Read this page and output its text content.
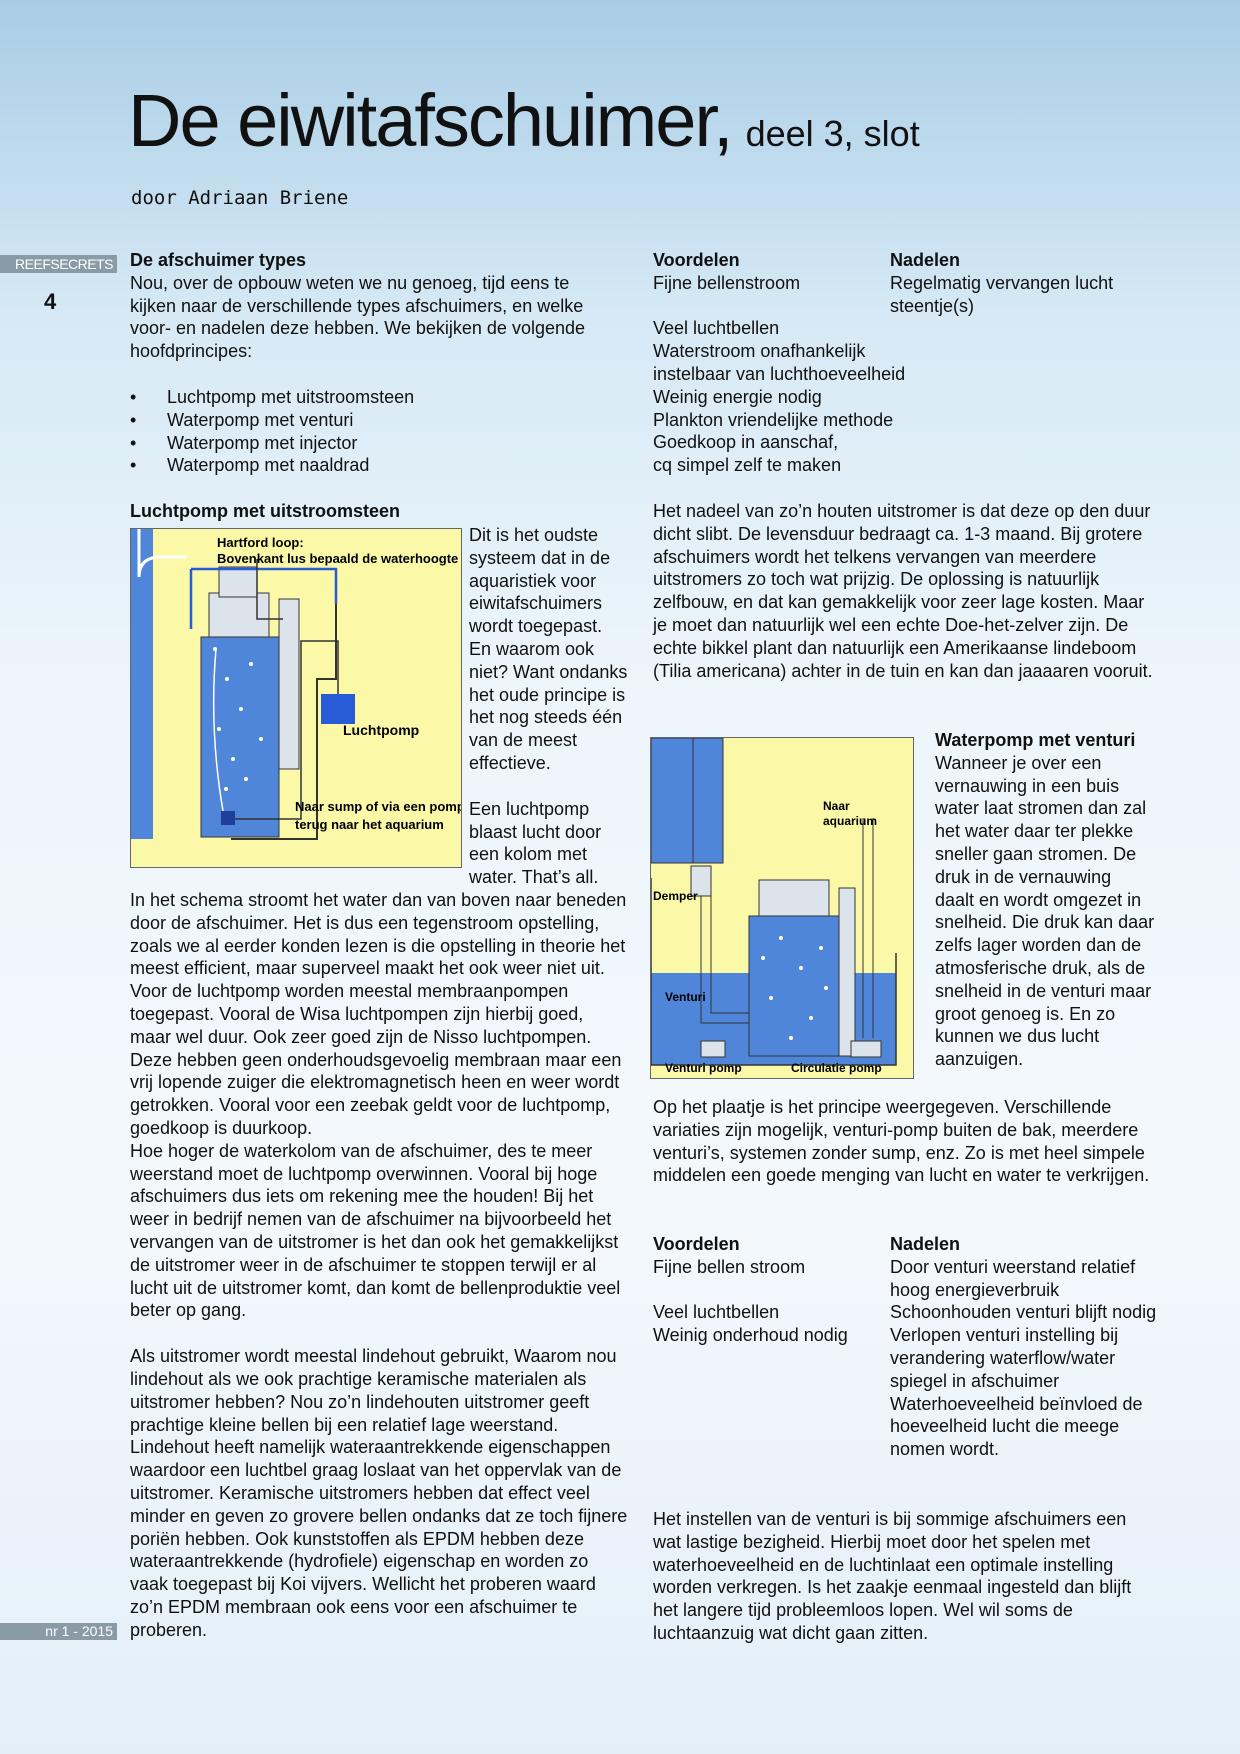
De eiwitafschuimer, deel 3, slot
door Adriaan Briene
REEFSECRETS
4
nr 1 - 2015

De afschuimer types

Nou, over de opbouw weten we nu genoeg, tijd eens te kijken naar de verschillende types afschuimers, en welke voor- en nadelen deze hebben. We bekijken de volgende hoofdprincipes:

• Luchtpomp met uitstroomsteen
• Waterpomp met venturi
• Waterpomp met injector
• Waterpomp met naaldrad
Luchtpomp met uitstroomsteen
Hartford loop:
Bovenkant lus bepaald de waterhoogte
Luchtpomp
Naar sump of via een pomp
terug naar het aquarium

Dit is het oudste systeem dat in de aquaristiek voor eiwitafschuimers wordt toegepast. En waarom ook niet? Want ondanks het oude principe is het nog steeds één van de meest effectieve.

Een luchtpomp blaast lucht door een kolom met water. That’s all.

In het schema stroomt het water dan van boven naar beneden door de afschuimer. Het is dus een tegenstroom opstelling, zoals we al eerder konden lezen is die opstelling in theorie het meest efficient, maar superveel maakt het ook weer niet uit.

Voor de luchtpomp worden meestal membraanpompen toegepast. Vooral de Wisa luchtpompen zijn hierbij goed, maar wel duur. Ook zeer goed zijn de Nisso luchtpompen. Deze hebben geen onderhoudsgevoelig membraan maar een vrij lopende zuiger die elektromagnetisch heen en weer wordt getrokken. Vooral voor een zeebak geldt voor de luchtpomp, goedkoop is duurkoop.

Hoe hoger de waterkolom van de afschuimer, des te meer weerstand moet de luchtpomp overwinnen. Vooral bij hoge afschuimers dus iets om rekening mee the houden! Bij het weer in bedrijf nemen van de afschuimer na bijvoorbeeld het vervangen van de uitstromer is het dan ook het gemakkelijkst de uitstromer weer in de afschuimer te stoppen terwijl er al lucht uit de uitstromer komt, dan komt de bellenproduktie veel beter op gang.

Als uitstromer wordt meestal lindehout gebruikt, Waarom nou lindehout als we ook prachtige keramische materialen als uitstromer hebben? Nou zo’n lindehouten uitstromer geeft prachtige kleine bellen bij een relatief lage weerstand. Lindehout heeft namelijk wateraantrekkende eigenschappen waardoor een luchtbel graag loslaat van het oppervlak van de uitstromer. Keramische uitstromers hebben dat effect veel minder en geven zo grovere bellen ondanks dat ze toch fijnere poriën hebben. Ook kunststoffen als EPDM hebben deze wateraantrekkende (hydrofiele) eigenschap en worden zo vaak toegepast bij Koi vijvers. Wellicht het proberen waard zo’n EPDM membraan ook eens voor een afschuimer te proberen.

Voordelen	Nadelen
Fijne bellenstroom	Regelmatig vervangen lucht steentje(s)
Veel luchtbellen
Waterstroom onafhankelijk instelbaar van luchthoeveelheid
Weinig energie nodig
Plankton vriendelijke methode
Goedkoop in aanschaf,
cq simpel zelf te maken
Het nadeel van zo’n houten uitstromer is dat deze op den duur dicht slibt. De levensduur bedraagt ca. 1-3 maand. Bij grotere afschuimers wordt het telkens vervangen van meerdere uitstromers zo toch wat prijzig. De oplossing is natuurlijk zelfbouw, en dat kan gemakkelijk voor zeer lage kosten. Maar je moet dan natuurlijk wel een echte Doe-het-zelver zijn. De echte bikkel plant dan natuurlijk een Amerikaanse lindeboom (Tilia americana) achter in de tuin en kan dan jaaaaren vooruit.
Naar
aquarium
Demper
Venturi
Venturi pomp	Circulatie pomp

Waterpomp met venturi

Wanneer je over een vernauwing in een buis water laat stromen dan zal het water daar ter plekke sneller gaan stromen. De druk in de vernauwing daalt en wordt omgezet in snelheid. Die druk kan daar zelfs lager worden dan de atmosferische druk, als de snelheid in de venturi maar groot genoeg is. En zo kunnen we dus lucht aanzuigen.

Op het plaatje is het principe weergegeven. Verschillende variaties zijn mogelijk, venturi-pomp buiten de bak, meerdere venturi’s, systemen zonder sump, enz. Zo is met heel simpele middelen een goede menging van lucht en water te verkrijgen.
Voordelen	Nadelen
Fijne bellen stroom	Door venturi weerstand relatief hoog energieverbruik
Veel luchtbellen	Schoonhouden venturi blijft nodig
Weinig onderhoud nodig	Verlopen venturi instelling bij verandering waterflow/water spiegel in afschuimer
Waterhoeveelheid beïnvloed de hoeveelheid lucht die meege nomen wordt.
Het instellen van de venturi is bij sommige afschuimers een wat lastige bezigheid. Hierbij moet door het spelen met waterhoeveelheid en de luchtinlaat een optimale instelling worden verkregen. Is het zaakje eenmaal ingesteld dan blijft het langere tijd probleemloos lopen. Wel wil soms de luchtaanzuig wat dicht gaan zitten.
